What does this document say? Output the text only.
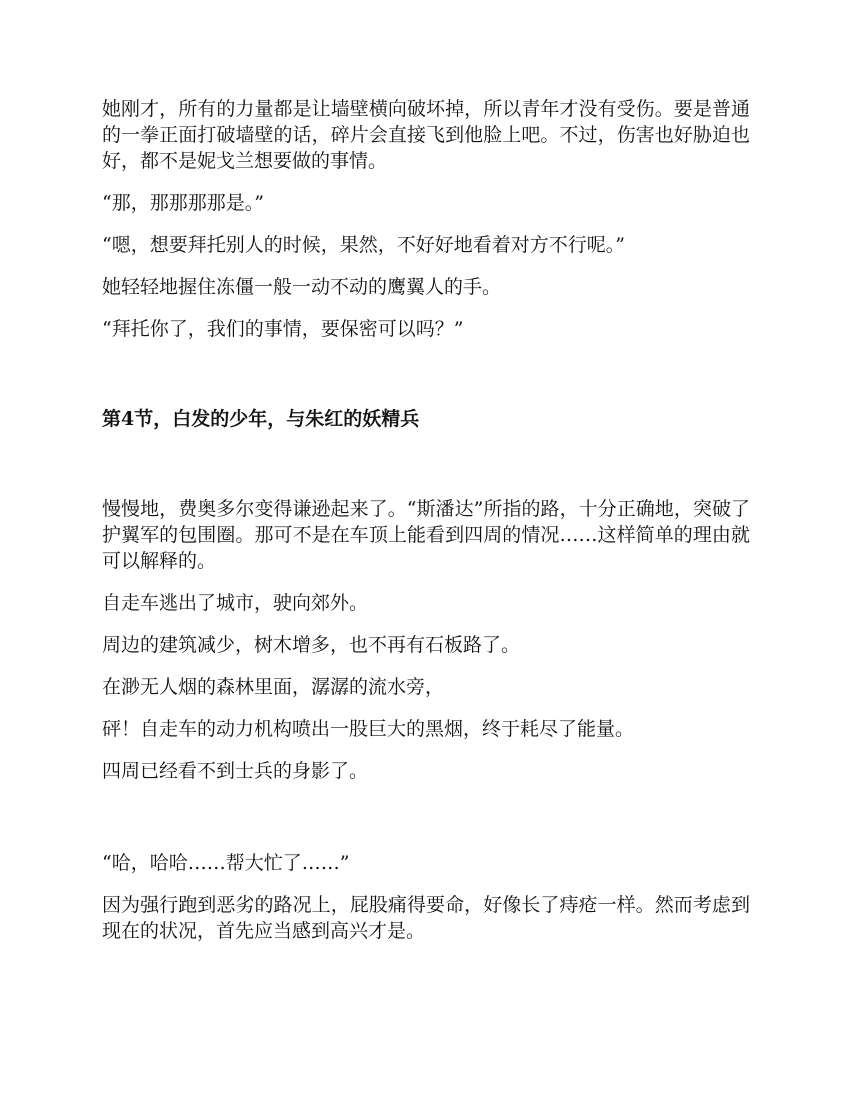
她刚才，所有的力量都是让墙壁横向破坏掉，所以青年才没有受伤。要是普通的一拳正面打破墙壁的话，碎片会直接飞到他脸上吧。不过，伤害也好胁迫也好，都不是妮戈兰想要做的事情。

“那，那那那那是。”

“嗯，想要拜托别人的时候，果然，不好好地看着对方不行呢。”

她轻轻地握住冻僵一般一动不动的鹰翼人的手。

“拜托你了，我们的事情，要保密可以吗？”

第4节，白发的少年，与朱红的妖精兵

慢慢地，费奥多尔变得谦逊起来了。“斯潘达”所指的路，十分正确地，突破了护翼军的包围圈。那可不是在车顶上能看到四周的情况……这样简单的理由就可以解释的。

自走车逃出了城市，驶向郊外。

周边的建筑减少，树木增多，也不再有石板路了。

在渺无人烟的森林里面，潺潺的流水旁，

砰！自走车的动力机构喷出一股巨大的黑烟，终于耗尽了能量。

四周已经看不到士兵的身影了。

“哈，哈哈……帮大忙了……”

因为强行跑到恶劣的路况上，屁股痛得要命，好像长了痔疮一样。然而考虑到现在的状况，首先应当感到高兴才是。
